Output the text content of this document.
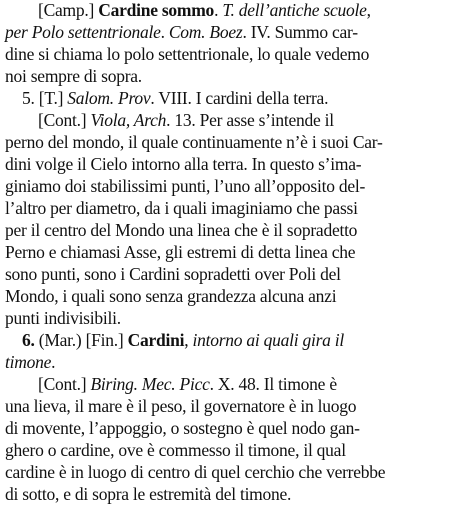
[Camp.] Cardine sommo. T. dell’antiche scuole,
per Polo settentrionale. Com. Boez. IV. Summo car-
dine si chiama lo polo settentrionale, lo quale vedemo
noi sempre di sopra.
5. [T.] Salom. Prov. VIII. I cardini della terra.
[Cont.] Viola, Arch. 13. Per asse s’intende il
perno del mondo, il quale continuamente n’è i suoi Car-
dini volge il Cielo intorno alla terra. In questo s’ima-
giniamo doi stabilissimi punti, l’uno all’opposito del-
l’altro per diametro, da i quali imaginiamo che passi
per il centro del Mondo una linea che è il sopradetto
Perno e chiamasi Asse, gli estremi di detta linea che
sono punti, sono i Cardini sopradetti over Poli del
Mondo, i quali sono senza grandezza alcuna anzi
punti indivisibili.
6. (Mar.) [Fin.] Cardini, intorno ai quali gira il
timone.
[Cont.] Biring. Mec. Picc. X. 48. Il timone è
una lieva, il mare è il peso, il governatore è in luogo
di movente, l’appoggio, o sostegno è quel nodo gan-
ghero o cardine, ove è commesso il timone, il qual
cardine è in luogo di centro di quel cerchio che verrebbe
di sotto, e di sopra le estremità del timone.
